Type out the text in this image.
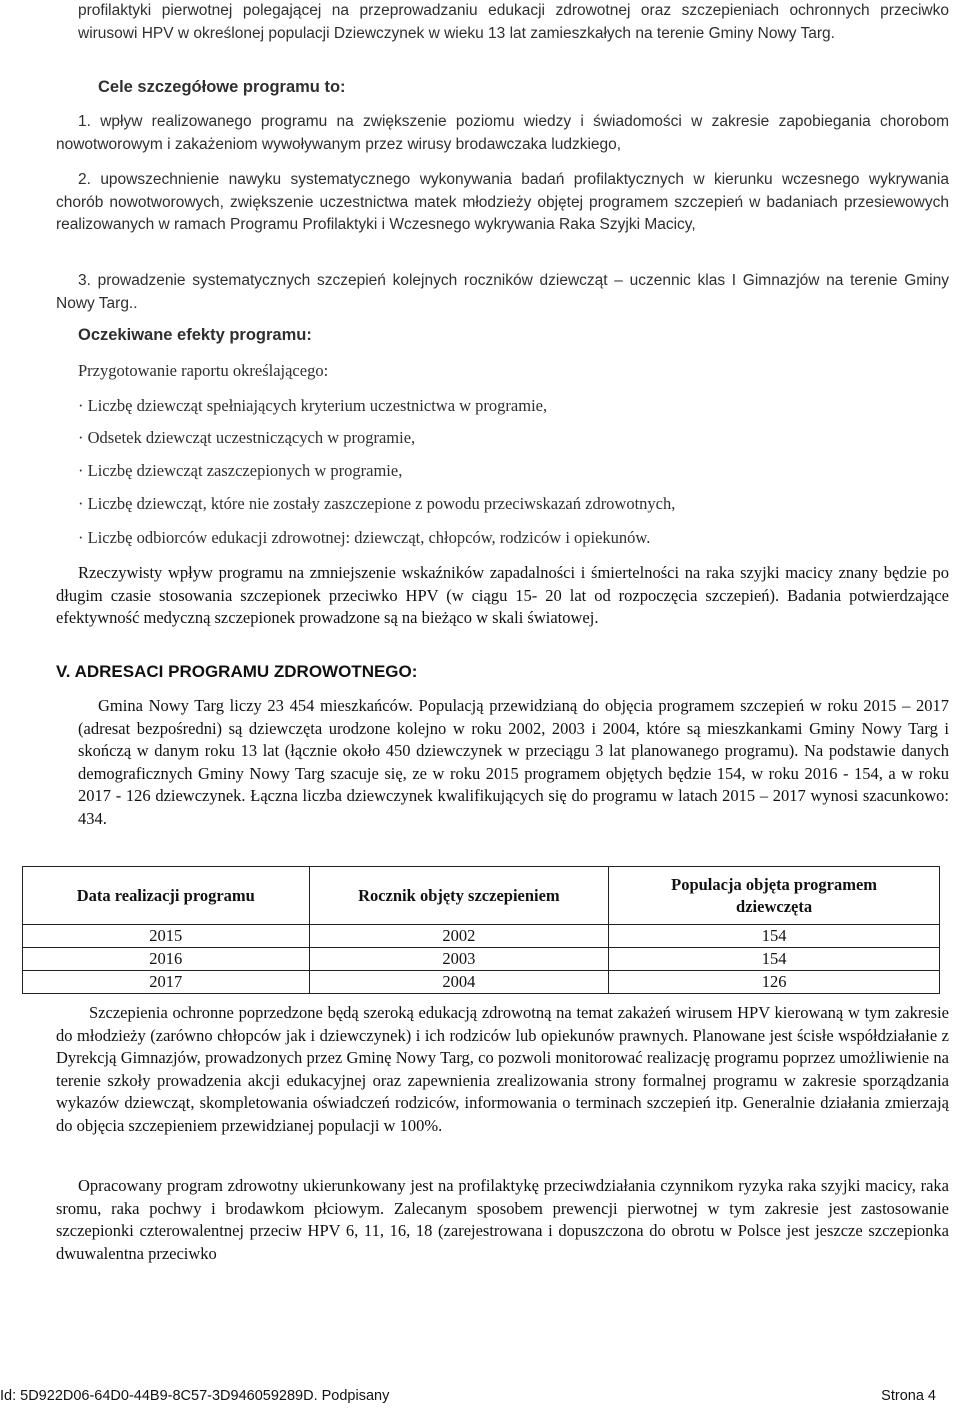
profilaktyki pierwotnej polegającej na przeprowadzaniu edukacji zdrowotnej oraz szczepieniach ochronnych przeciwko wirusowi HPV w określonej populacji Dziewczynek w wieku 13 lat zamieszkałych na terenie Gminy Nowy Targ.

Cele szczegółowe programu to:

1. wpływ realizowanego programu na zwiększenie poziomu wiedzy i świadomości w zakresie zapobiegania chorobom nowotworowym i zakażeniom wywoływanym przez wirusy brodawczaka ludzkiego,

2. upowszechnienie nawyku systematycznego wykonywania badań profilaktycznych w kierunku wczesnego wykrywania chorób nowotworowych, zwiększenie uczestnictwa matek młodzieży objętej programem szczepień w badaniach przesiewowych realizowanych w ramach Programu Profilaktyki i Wczesnego wykrywania Raka Szyjki Macicy,

3. prowadzenie systematycznych szczepień kolejnych roczników dziewcząt – uczennic klas I Gimnazjów na terenie Gminy Nowy Targ..

Oczekiwane efekty programu:

Przygotowanie raportu określającego:

· Liczbę dziewcząt spełniających kryterium uczestnictwa w programie,

· Odsetek dziewcząt uczestniczących w programie,

· Liczbę dziewcząt zaszczepionych w programie,

· Liczbę dziewcząt, które nie zostały zaszczepione z powodu przeciwskazań zdrowotnych,

· Liczbę odbiorców edukacji zdrowotnej: dziewcząt, chłopców, rodziców i opiekunów.

Rzeczywisty wpływ programu na zmniejszenie wskaźników zapadalności i śmiertelności na raka szyjki macicy znany będzie po długim czasie stosowania szczepionek przeciwko HPV (w ciągu 15- 20 lat od rozpoczęcia szczepień). Badania potwierdzające efektywność medyczną szczepionek prowadzone są na bieżąco w skali światowej.

V. ADRESACI PROGRAMU ZDROWOTNEGO:

Gmina Nowy Targ liczy 23 454 mieszkańców. Populacją przewidzianą do objęcia programem szczepień w roku 2015 – 2017 (adresat bezpośredni) są dziewczęta urodzone kolejno w roku 2002, 2003 i 2004, które są mieszkankami Gminy Nowy Targ i skończą w danym roku 13 lat (łącznie około 450 dziewczynek w przeciągu 3 lat planowanego programu). Na podstawie danych demograficznych Gminy Nowy Targ szacuje się, ze w roku 2015 programem objętych będzie 154, w roku 2016 - 154, a w roku 2017 - 126 dziewczynek. Łączna liczba dziewczynek kwalifikujących się do programu w latach 2015 – 2017 wynosi szacunkowo: 434.

Data realizacji programu	Rocznik objęty szczepieniem	Populacja objęta programem dziewczęta
2015	2002	154
2016	2003	154
2017	2004	126

Szczepienia ochronne poprzedzone będą szeroką edukacją zdrowotną na temat zakażeń wirusem HPV kierowaną w tym zakresie do młodzieży (zarówno chłopców jak i dziewczynek) i ich rodziców lub opiekunów prawnych. Planowane jest ścisłe współdziałanie z Dyrekcją Gimnazjów, prowadzonych przez Gminę Nowy Targ, co pozwoli monitorować realizację programu poprzez umożliwienie na terenie szkoły prowadzenia akcji edukacyjnej oraz zapewnienia zrealizowania strony formalnej programu w zakresie sporządzania wykazów dziewcząt, skompletowania oświadczeń rodziców, informowania o terminach szczepień itp. Generalnie działania zmierzają do objęcia szczepieniem przewidzianej populacji w 100%.

Opracowany program zdrowotny ukierunkowany jest na profilaktykę przeciwdziałania czynnikom ryzyka raka szyjki macicy, raka sromu, raka pochwy i brodawkom płciowym. Zalecanym sposobem prewencji pierwotnej w tym zakresie jest zastosowanie szczepionki czterowalentnej przeciw HPV 6, 11, 16, 18 (zarejestrowana i dopuszczona do obrotu w Polsce jest jeszcze szczepionka dwuwalentna przeciwko

Id: 5D922D06-64D0-44B9-8C57-3D946059289D. Podpisany	Strona 4
